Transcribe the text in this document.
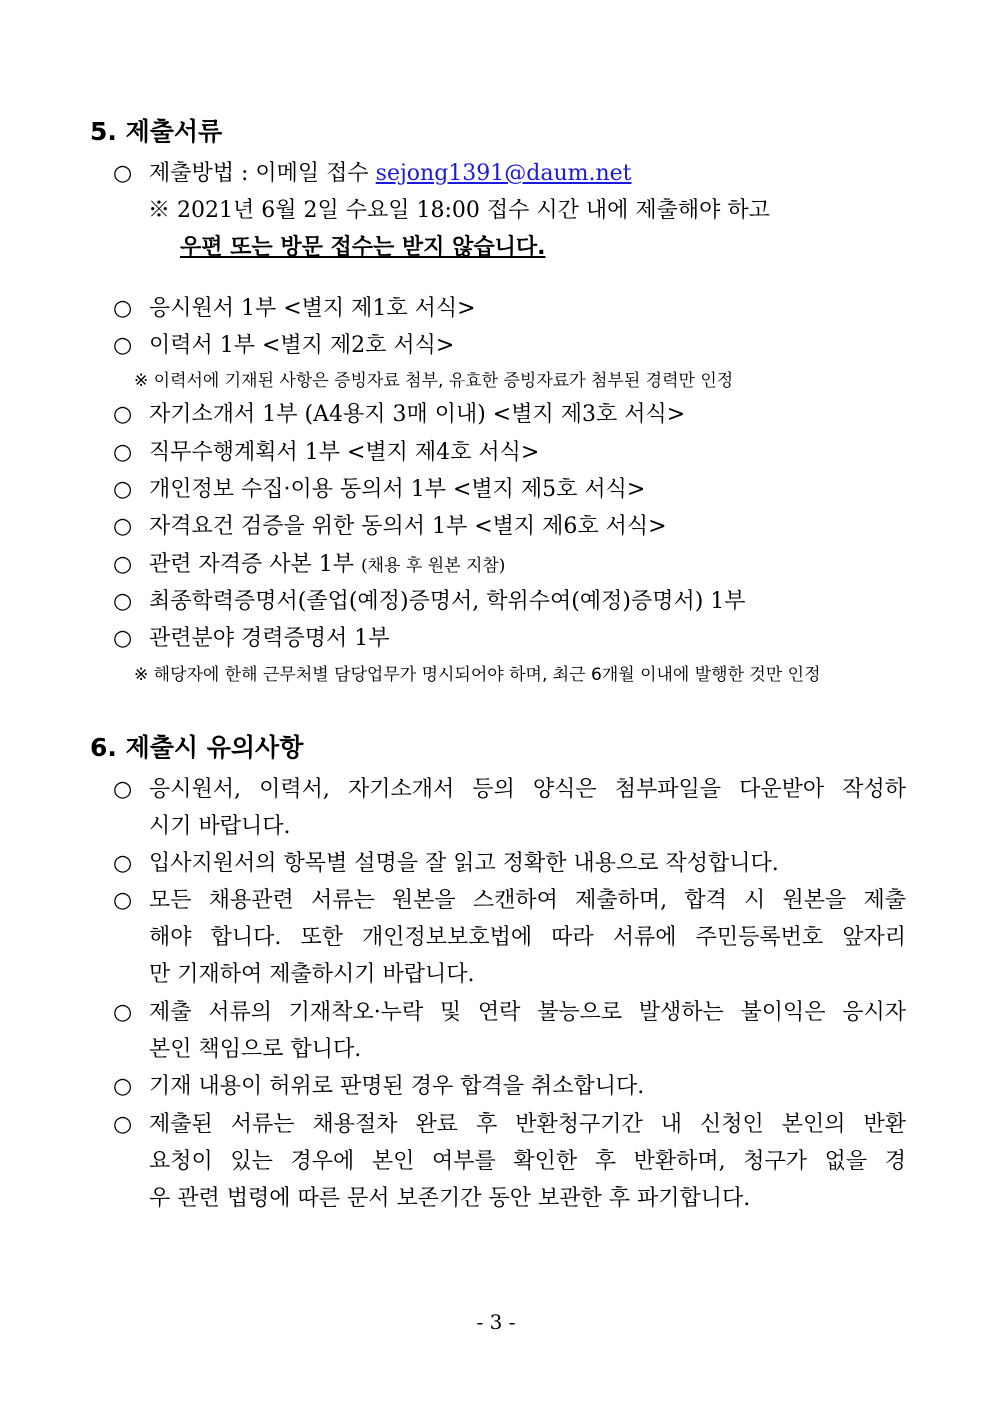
5. 제출서류
○ 제출방법 : 이메일 접수 sejong1391@daum.net
※ 2021년 6월 2일 수요일 18:00 접수 시간 내에 제출해야 하고
우편 또는 방문 접수는 받지 않습니다.
○ 응시원서 1부 <별지 제1호 서식>
○ 이력서 1부 <별지 제2호 서식>
※ 이력서에 기재된 사항은 증빙자료 첨부, 유효한 증빙자료가 첨부된 경력만 인정
○ 자기소개서 1부 (A4용지 3매 이내) <별지 제3호 서식>
○ 직무수행계획서 1부 <별지 제4호 서식>
○ 개인정보 수집·이용 동의서 1부 <별지 제5호 서식>
○ 자격요건 검증을 위한 동의서 1부 <별지 제6호 서식>
○ 관련 자격증 사본 1부 (채용 후 원본 지참)
○ 최종학력증명서(졸업(예정)증명서, 학위수여(예정)증명서) 1부
○ 관련분야 경력증명서 1부
※ 해당자에 한해 근무처별 담당업무가 명시되어야 하며, 최근 6개월 이내에 발행한 것만 인정
6. 제출시 유의사항
○ 응시원서, 이력서, 자기소개서 등의 양식은 첨부파일을 다운받아 작성하
시기 바랍니다.
○ 입사지원서의 항목별 설명을 잘 읽고 정확한 내용으로 작성합니다.
○ 모든 채용관련 서류는 원본을 스캔하여 제출하며, 합격 시 원본을 제출
해야 합니다. 또한 개인정보보호법에 따라 서류에 주민등록번호 앞자리
만 기재하여 제출하시기 바랍니다.
○ 제출 서류의 기재착오·누락 및 연락 불능으로 발생하는 불이익은 응시자
본인 책임으로 합니다.
○ 기재 내용이 허위로 판명된 경우 합격을 취소합니다.
○ 제출된 서류는 채용절차 완료 후 반환청구기간 내 신청인 본인의 반환
요청이 있는 경우에 본인 여부를 확인한 후 반환하며, 청구가 없을 경
우 관련 법령에 따른 문서 보존기간 동안 보관한 후 파기합니다.
- 3 -
